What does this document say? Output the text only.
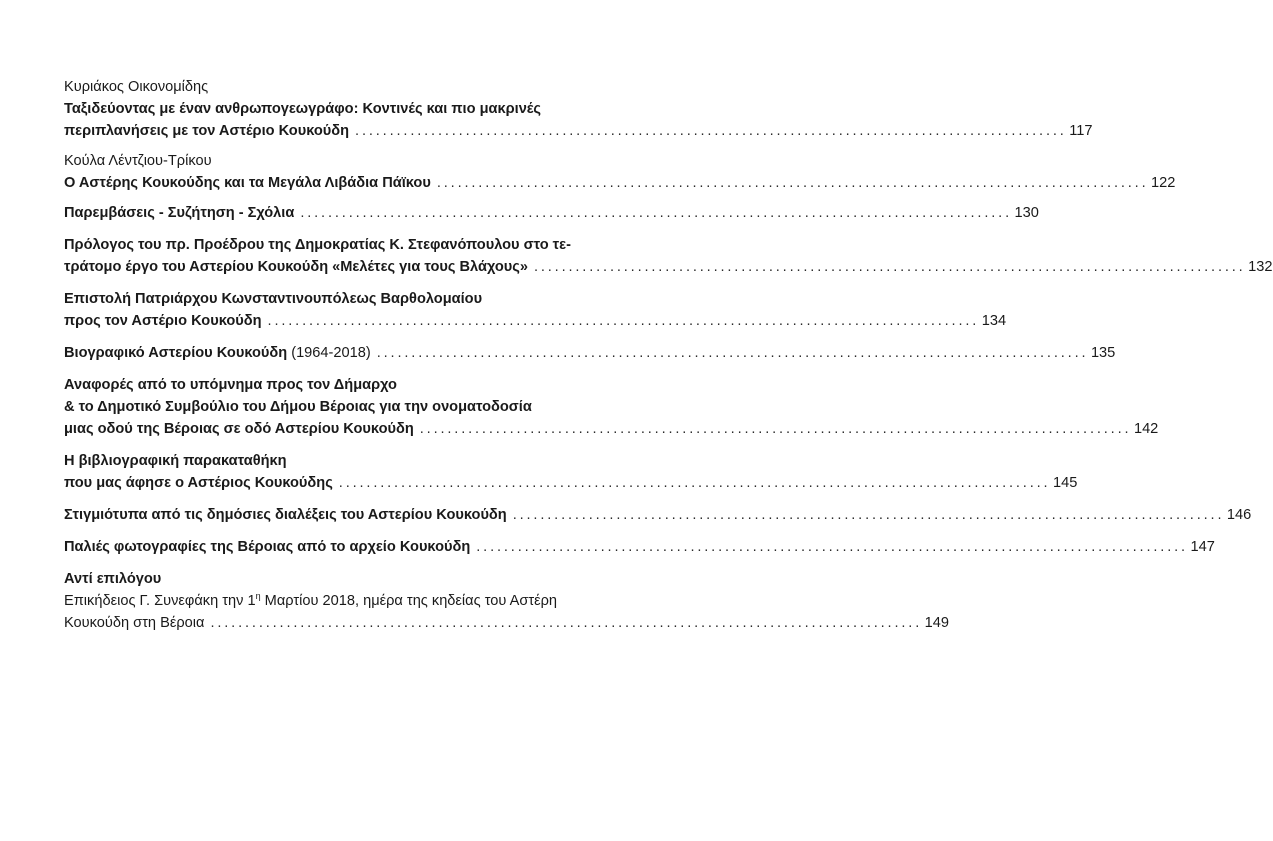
Κυριάκος Οικονομίδης
Ταξιδεύοντας με έναν ανθρωπογεωγράφο: Κοντινές και πιο μακρινές
περιπλανήσεις με τον Αστέριο Κουκούδη . . .	117
Κούλα Λέντζιου-Τρίκου
Ο Αστέρης Κουκούδης και τα Μεγάλα Λιβάδια Πάϊκου . . .	122
Παρεμβάσεις - Συζήτηση - Σχόλια . . .	130
Πρόλογος του πρ. Προέδρου της Δημοκρατίας Κ. Στεφανόπουλου στο τε-
τράτομο έργο του Αστερίου Κουκούδη «Μελέτες για τους Βλάχους» . . .	132
Επιστολή Πατριάρχου Κωνσταντινουπόλεως Βαρθολομαίου
προς τον Αστέριο Κουκούδη . . .	134
Βιογραφικό Αστερίου Κουκούδη (1964-2018) . . .	135
Αναφορές από το υπόμνημα προς τον Δήμαρχο
& το Δημοτικό Συμβούλιο του Δήμου Βέροιας για την ονοματοδοσία
μιας οδού της Βέροιας σε οδό Αστερίου Κουκούδη . . .	142
Η βιβλιογραφική παρακαταθήκη
που μας άφησε ο Αστέριος Κουκούδης . . .	145
Στιγμιότυπα από τις δημόσιες διαλέξεις του Αστερίου Κουκούδη . . .	146
Παλιές φωτογραφίες της Βέροιας από το αρχείο Κουκούδη . . .	147
Αντί επιλόγου
Επικήδειος Γ. Συνεφάκη την $1^\eta$ Μαρτίου 2018, ημέρα της κηδείας του Αστέρη
Κουκούδη στη Βέροια . . .	149
